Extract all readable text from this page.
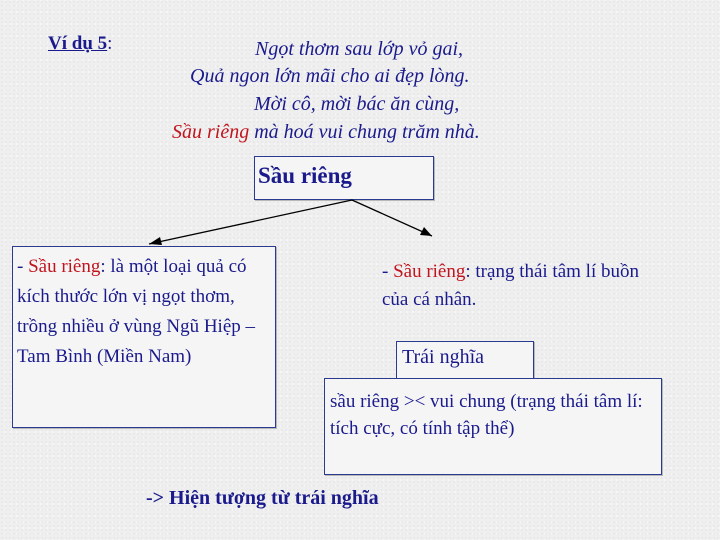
Ví dụ 5:	Ngọt thơm sau lớp vỏ gai,
Quả ngon lớn mãi cho ai đẹp lòng.
Mời cô, mời bác ăn cùng,
Sầu riêng mà hoá vui chung trăm nhà.
Sầu riêng
- Sầu riêng: là một loại quả có kích thước lớn vị ngọt thơm, trồng nhiều ở vùng Ngũ Hiệp – Tam Bình (Miền Nam)
- Sầu riêng: trạng thái tâm lí buồn của cá nhân.
Trái nghĩa
sầu riêng >< vui chung (trạng thái tâm lí: tích cực, có tính tập thể)
-> Hiện tượng từ trái nghĩa
